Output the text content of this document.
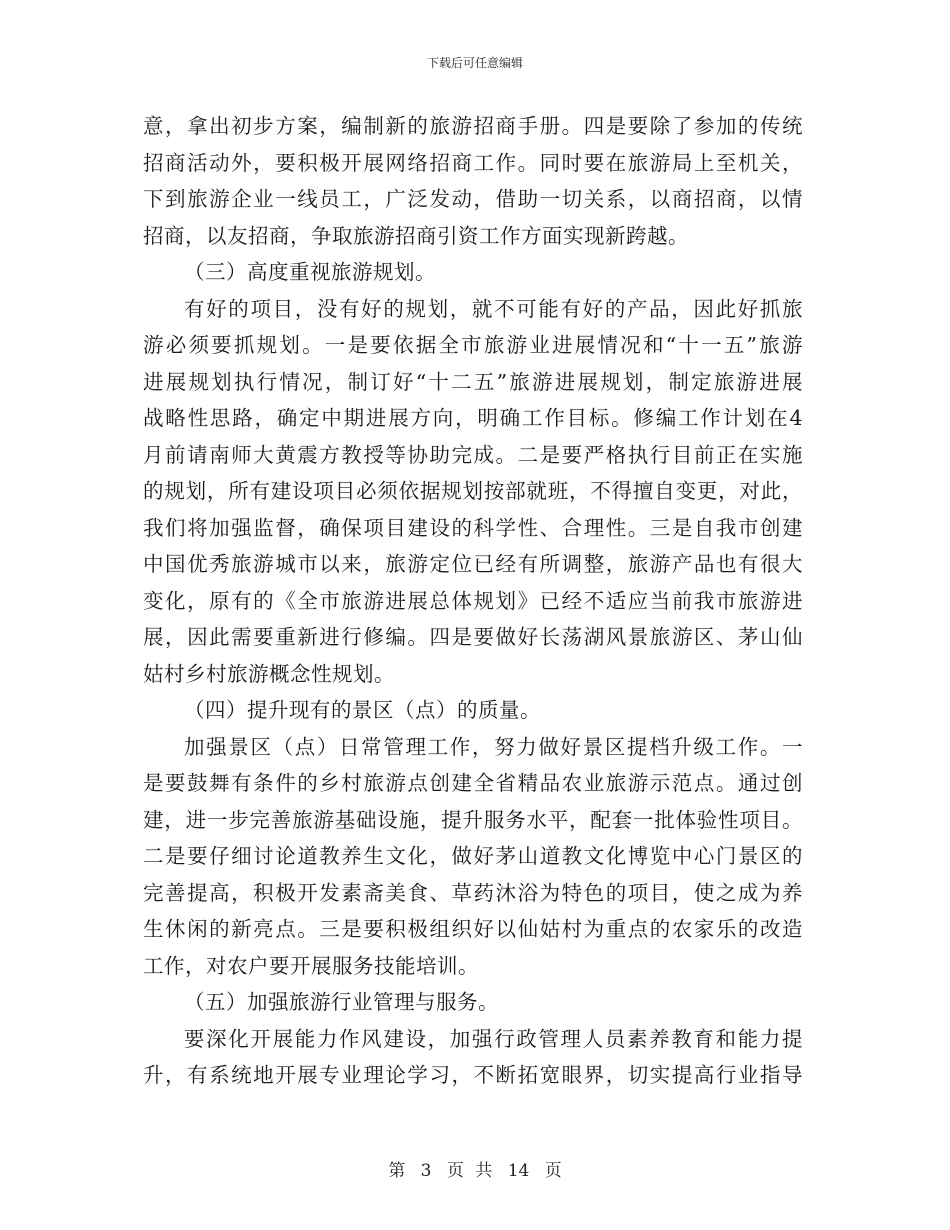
下载后可任意编辑
意，拿出初步方案，编制新的旅游招商手册。四是要除了参加的传统
招商活动外，要积极开展网络招商工作。同时要在旅游局上至机关，
下到旅游企业一线员工，广泛发动，借助一切关系，以商招商，以情
招商，以友招商，争取旅游招商引资工作方面实现新跨越。
（三）高度重视旅游规划。
有好的项目，没有好的规划，就不可能有好的产品，因此好抓旅
游必须要抓规划。一是要依据全市旅游业进展情况和“十一五”旅游
进展规划执行情况，制订好“十二五”旅游进展规划，制定旅游进展
战略性思路，确定中期进展方向，明确工作目标。修编工作计划在4
月前请南师大黄震方教授等协助完成。二是要严格执行目前正在实施
的规划，所有建设项目必须依据规划按部就班，不得擅自变更，对此，
我们将加强监督，确保项目建设的科学性、合理性。三是自我市创建
中国优秀旅游城市以来，旅游定位已经有所调整，旅游产品也有很大
变化，原有的《全市旅游进展总体规划》已经不适应当前我市旅游进
展，因此需要重新进行修编。四是要做好长荡湖风景旅游区、茅山仙
姑村乡村旅游概念性规划。
（四）提升现有的景区（点）的质量。
加强景区（点）日常管理工作，努力做好景区提档升级工作。一
是要鼓舞有条件的乡村旅游点创建全省精品农业旅游示范点。通过创
建，进一步完善旅游基础设施，提升服务水平，配套一批体验性项目。
二是要仔细讨论道教养生文化，做好茅山道教文化博览中心门景区的
完善提高，积极开发素斋美食、草药沐浴为特色的项目，使之成为养
生休闲的新亮点。三是要积极组织好以仙姑村为重点的农家乐的改造
工作，对农户要开展服务技能培训。
（五）加强旅游行业管理与服务。
要深化开展能力作风建设，加强行政管理人员素养教育和能力提
升，有系统地开展专业理论学习，不断拓宽眼界，切实提高行业指导
第 3 页 共 14 页
